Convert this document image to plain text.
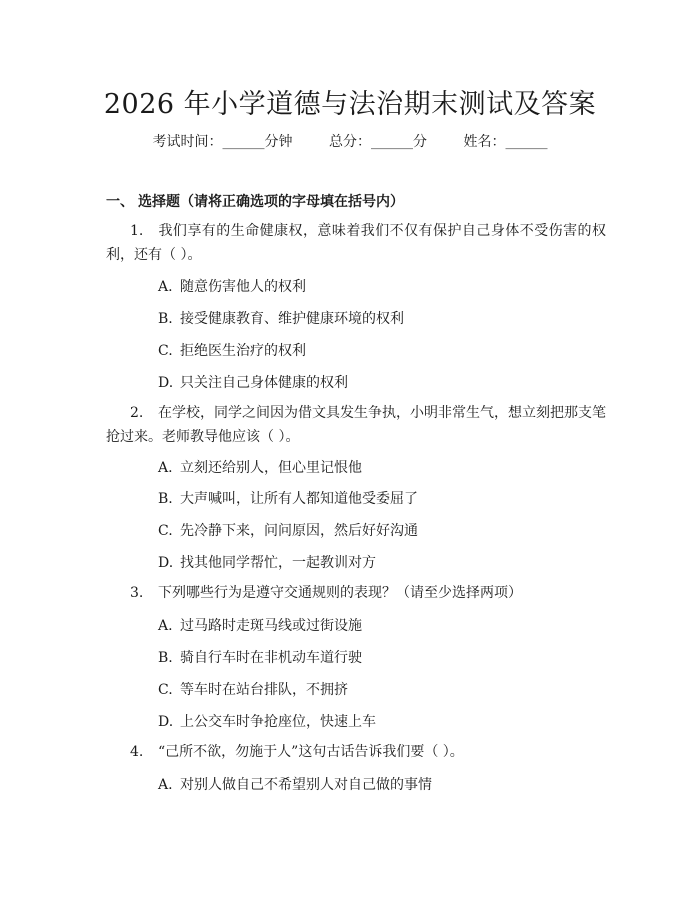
2026 年小学道德与法治期末测试及答案
考试时间：______分钟	总分：______分	姓名：______
一、 选择题（请将正确选项的字母填在括号内）
1. 我们享有的生命健康权，意味着我们不仅有保护自己身体不受伤害的权利，还有（ ）。
A. 随意伤害他人的权利
B. 接受健康教育、维护健康环境的权利
C. 拒绝医生治疗的权利
D. 只关注自己身体健康的权利
2. 在学校，同学之间因为借文具发生争执，小明非常生气，想立刻把那支笔抢过来。老师教导他应该（ ）。
A. 立刻还给别人，但心里记恨他
B. 大声喊叫，让所有人都知道他受委屈了
C. 先冷静下来，问问原因，然后好好沟通
D. 找其他同学帮忙，一起教训对方
3. 下列哪些行为是遵守交通规则的表现？（请至少选择两项）
A. 过马路时走斑马线或过街设施
B. 骑自行车时在非机动车道行驶
C. 等车时在站台排队，不拥挤
D. 上公交车时争抢座位，快速上车
4. “己所不欲，勿施于人”这句古话告诉我们要（ ）。
A. 对别人做自己不希望别人对自己做的事情
